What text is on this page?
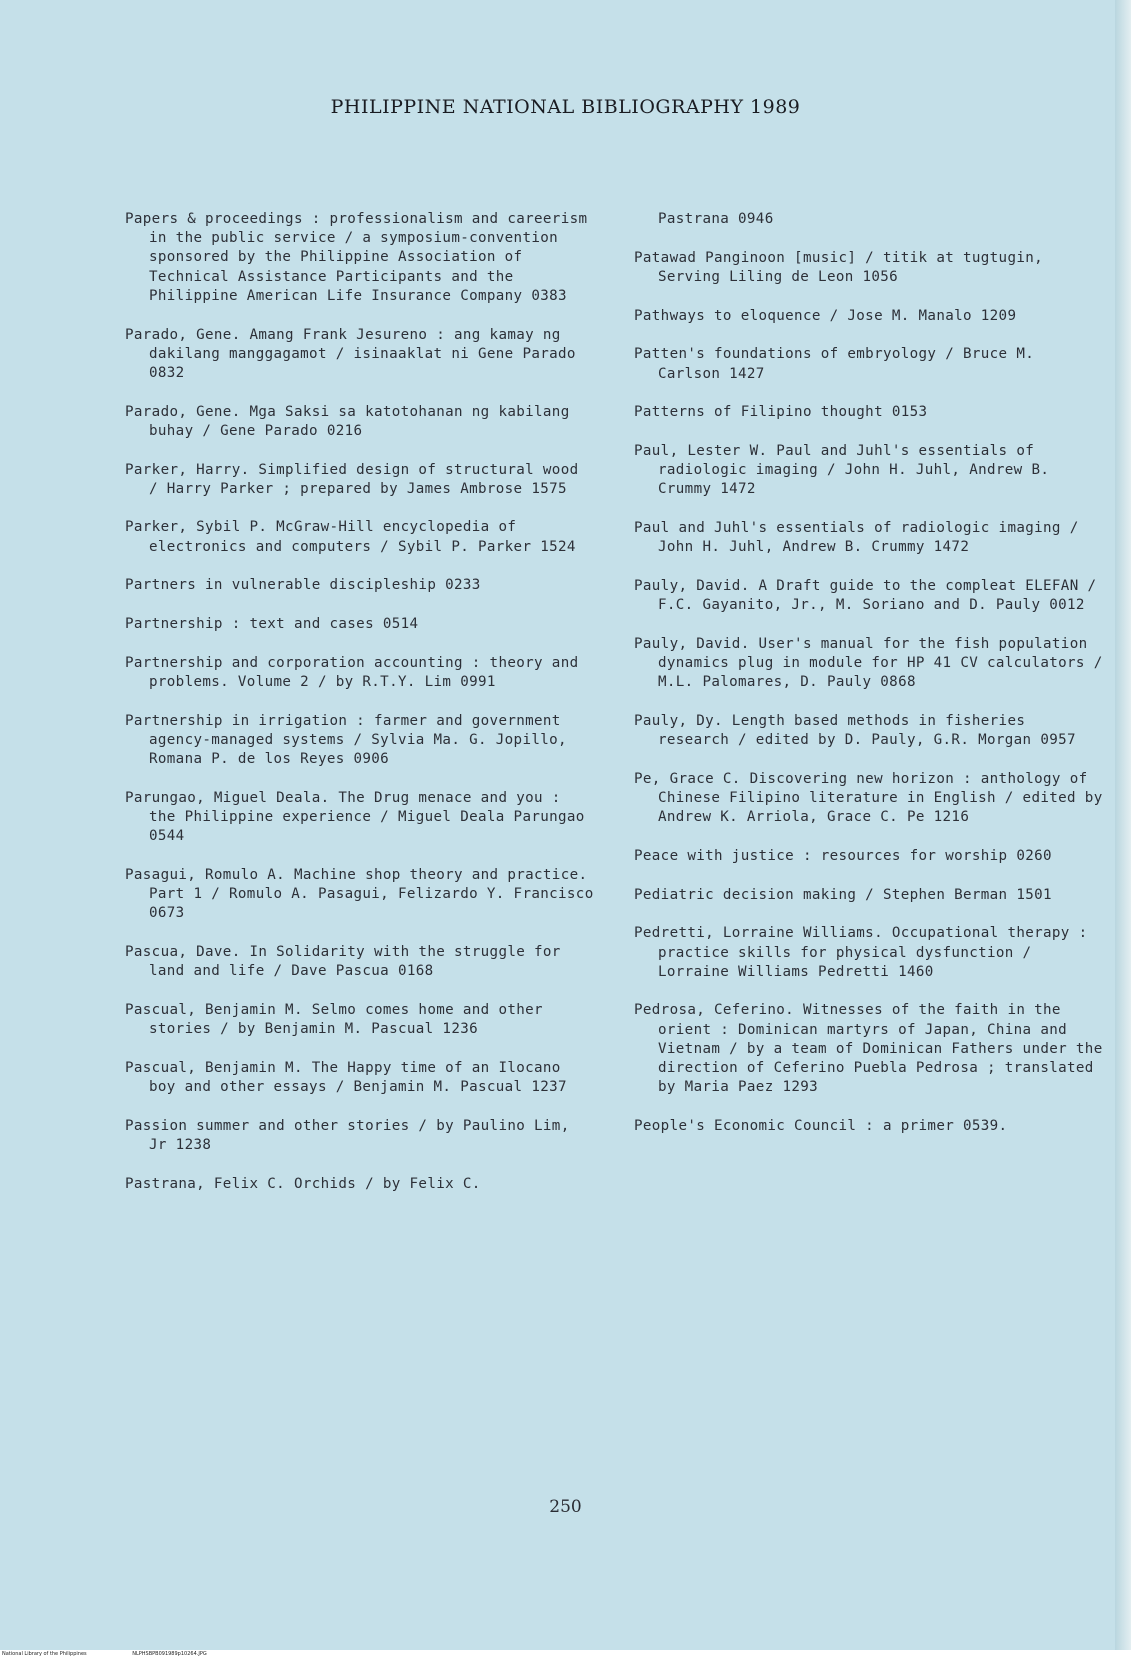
PHILIPPINE NATIONAL BIBLIOGRAPHY 1989
Papers & proceedings : professionalism and careerism in the public service / a symposium-convention sponsored by the Philippine Association of Technical Assistance Participants and the Philippine American Life Insurance Company 0383
Parado, Gene. Amang Frank Jesureno : ang kamay ng dakilang manggagamot / isinaaklat ni Gene Parado 0832
Parado, Gene. Mga Saksi sa katotohanan ng kabilang buhay / Gene Parado 0216
Parker, Harry. Simplified design of structural wood / Harry Parker ; prepared by James Ambrose 1575
Parker, Sybil P. McGraw-Hill encyclopedia of electronics and computers / Sybil P. Parker 1524
Partners in vulnerable discipleship 0233
Partnership : text and cases 0514
Partnership and corporation accounting : theory and problems. Volume 2 / by R.T.Y. Lim 0991
Partnership in irrigation : farmer and government agency-managed systems / Sylvia Ma. G. Jopillo, Romana P. de los Reyes 0906
Parungao, Miguel Deala. The Drug menace and you : the Philippine experience / Miguel Deala Parungao 0544
Pasagui, Romulo A. Machine shop theory and practice. Part 1 / Romulo A. Pasagui, Felizardo Y. Francisco 0673
Pascua, Dave. In Solidarity with the struggle for land and life / Dave Pascua 0168
Pascual, Benjamin M. Selmo comes home and other stories / by Benjamin M. Pascual 1236
Pascual, Benjamin M. The Happy time of an Ilocano boy and other essays / Benjamin M. Pascual 1237
Passion summer and other stories / by Paulino Lim, Jr 1238
Pastrana, Felix C. Orchids / by Felix C.
Pastrana 0946
Patawad Panginoon [music] / titik at tugtugin, Serving Liling de Leon 1056
Pathways to eloquence / Jose M. Manalo 1209
Patten's foundations of embryology / Bruce M. Carlson 1427
Patterns of Filipino thought 0153
Paul, Lester W. Paul and Juhl's essentials of radiologic imaging / John H. Juhl, Andrew B. Crummy 1472
Paul and Juhl's essentials of radiologic imaging / John H. Juhl, Andrew B. Crummy 1472
Pauly, David. A Draft guide to the compleat ELEFAN / F.C. Gayanito, Jr., M. Soriano and D. Pauly 0012
Pauly, David. User's manual for the fish population dynamics plug in module for HP 41 CV calculators / M.L. Palomares, D. Pauly 0868
Pauly, Dy. Length based methods in fisheries research / edited by D. Pauly, G.R. Morgan 0957
Pe, Grace C. Discovering new horizon : anthology of Chinese Filipino literature in English / edited by Andrew K. Arriola, Grace C. Pe 1216
Peace with justice : resources for worship 0260
Pediatric decision making / Stephen Berman 1501
Pedretti, Lorraine Williams. Occupational therapy : practice skills for physical dysfunction / Lorraine Williams Pedretti 1460
Pedrosa, Ceferino. Witnesses of the faith in the orient : Dominican martyrs of Japan, China and Vietnam / by a team of Dominican Fathers under the direction of Ceferino Puebla Pedrosa ; translated by Maria Paez 1293
People's Economic Council : a primer 0539.
250
National Library of the Philippines	NLPHSBPB091989p10264.JPG
